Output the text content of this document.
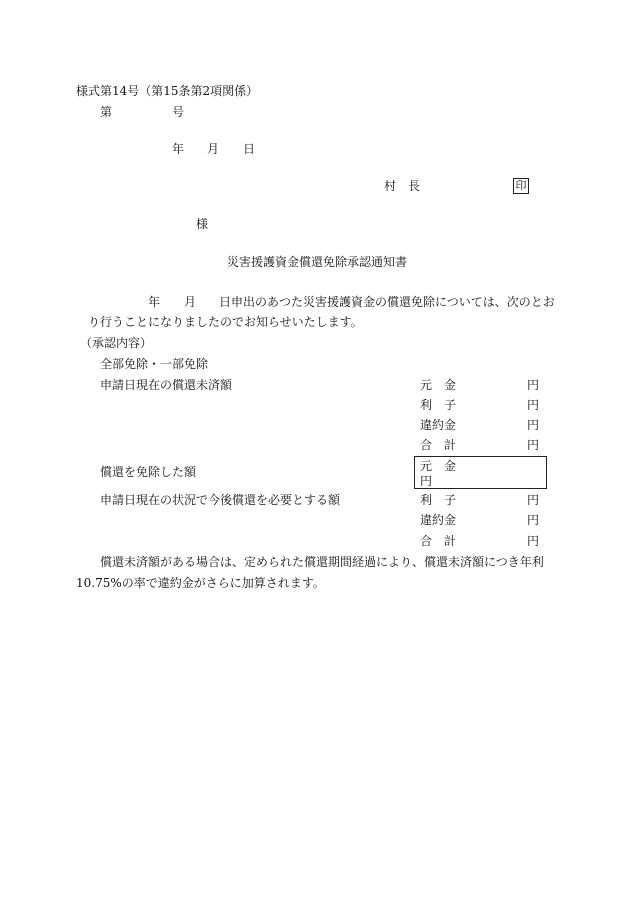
様式第14号（第15条第2項関係）
第	号
年 月 日
村　長	印
様
災害援護資金償還免除承認通知書
年 月 日申出のあつた災害援護資金の償還免除については、次のとお
り行うことになりましたのでお知らせいたします。
（承認内容）
全部免除・一部免除
申請日現在の償還未済額	元　金	円
利　子	円
違約金	円
合　計	円
償還を免除した額	元　金
円
申請日現在の状況で今後償還を必要とする額	利　子	円
違約金	円
合　計	円
償還未済額がある場合は、定められた償還期間経過により、償還未済額につき年利
10.75%の率で違約金がさらに加算されます。
